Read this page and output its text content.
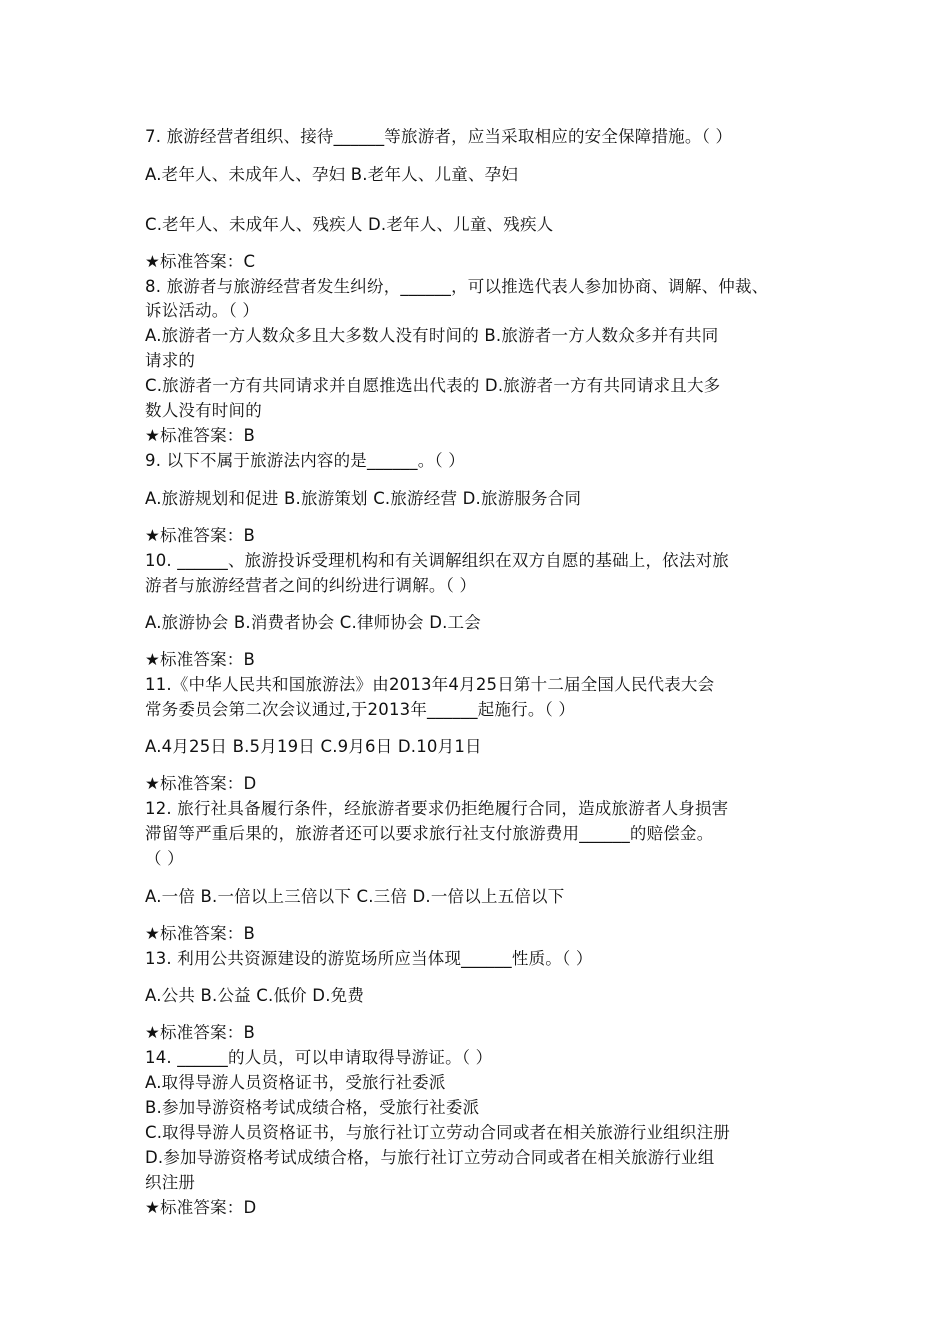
7. 旅游经营者组织、接待______等旅游者，应当采取相应的安全保障措施。（ ）
A.老年人、未成年人、孕妇 B.老年人、儿童、孕妇
C.老年人、未成年人、残疾人 D.老年人、儿童、残疾人
★标准答案：C
8. 旅游者与旅游经营者发生纠纷，______，可以推选代表人参加协商、调解、仲裁、
诉讼活动。（ ）
A.旅游者一方人数众多且大多数人没有时间的 B.旅游者一方人数众多并有共同
请求的
C.旅游者一方有共同请求并自愿推选出代表的 D.旅游者一方有共同请求且大多
数人没有时间的
★标准答案：B
9. 以下不属于旅游法内容的是______。（ ）
A.旅游规划和促进 B.旅游策划 C.旅游经营 D.旅游服务合同
★标准答案：B
10. ______、旅游投诉受理机构和有关调解组织在双方自愿的基础上，依法对旅
游者与旅游经营者之间的纠纷进行调解。（ ）
A.旅游协会 B.消费者协会 C.律师协会 D.工会
★标准答案：B
11.《中华人民共和国旅游法》由2013年4月25日第十二届全国人民代表大会
常务委员会第二次会议通过,于2013年______起施行。（ ）
A.4月25日 B.5月19日 C.9月6日 D.10月1日
★标准答案：D
12. 旅行社具备履行条件，经旅游者要求仍拒绝履行合同，造成旅游者人身损害
滞留等严重后果的，旅游者还可以要求旅行社支付旅游费用______的赔偿金。
（ ）
A.一倍 B.一倍以上三倍以下 C.三倍 D.一倍以上五倍以下
★标准答案：B
13. 利用公共资源建设的游览场所应当体现______性质。（ ）
A.公共 B.公益 C.低价 D.免费
★标准答案：B
14. ______的人员，可以申请取得导游证。（ ）
A.取得导游人员资格证书，受旅行社委派
B.参加导游资格考试成绩合格，受旅行社委派
C.取得导游人员资格证书，与旅行社订立劳动合同或者在相关旅游行业组织注册
D.参加导游资格考试成绩合格，与旅行社订立劳动合同或者在相关旅游行业组
织注册
★标准答案：D
